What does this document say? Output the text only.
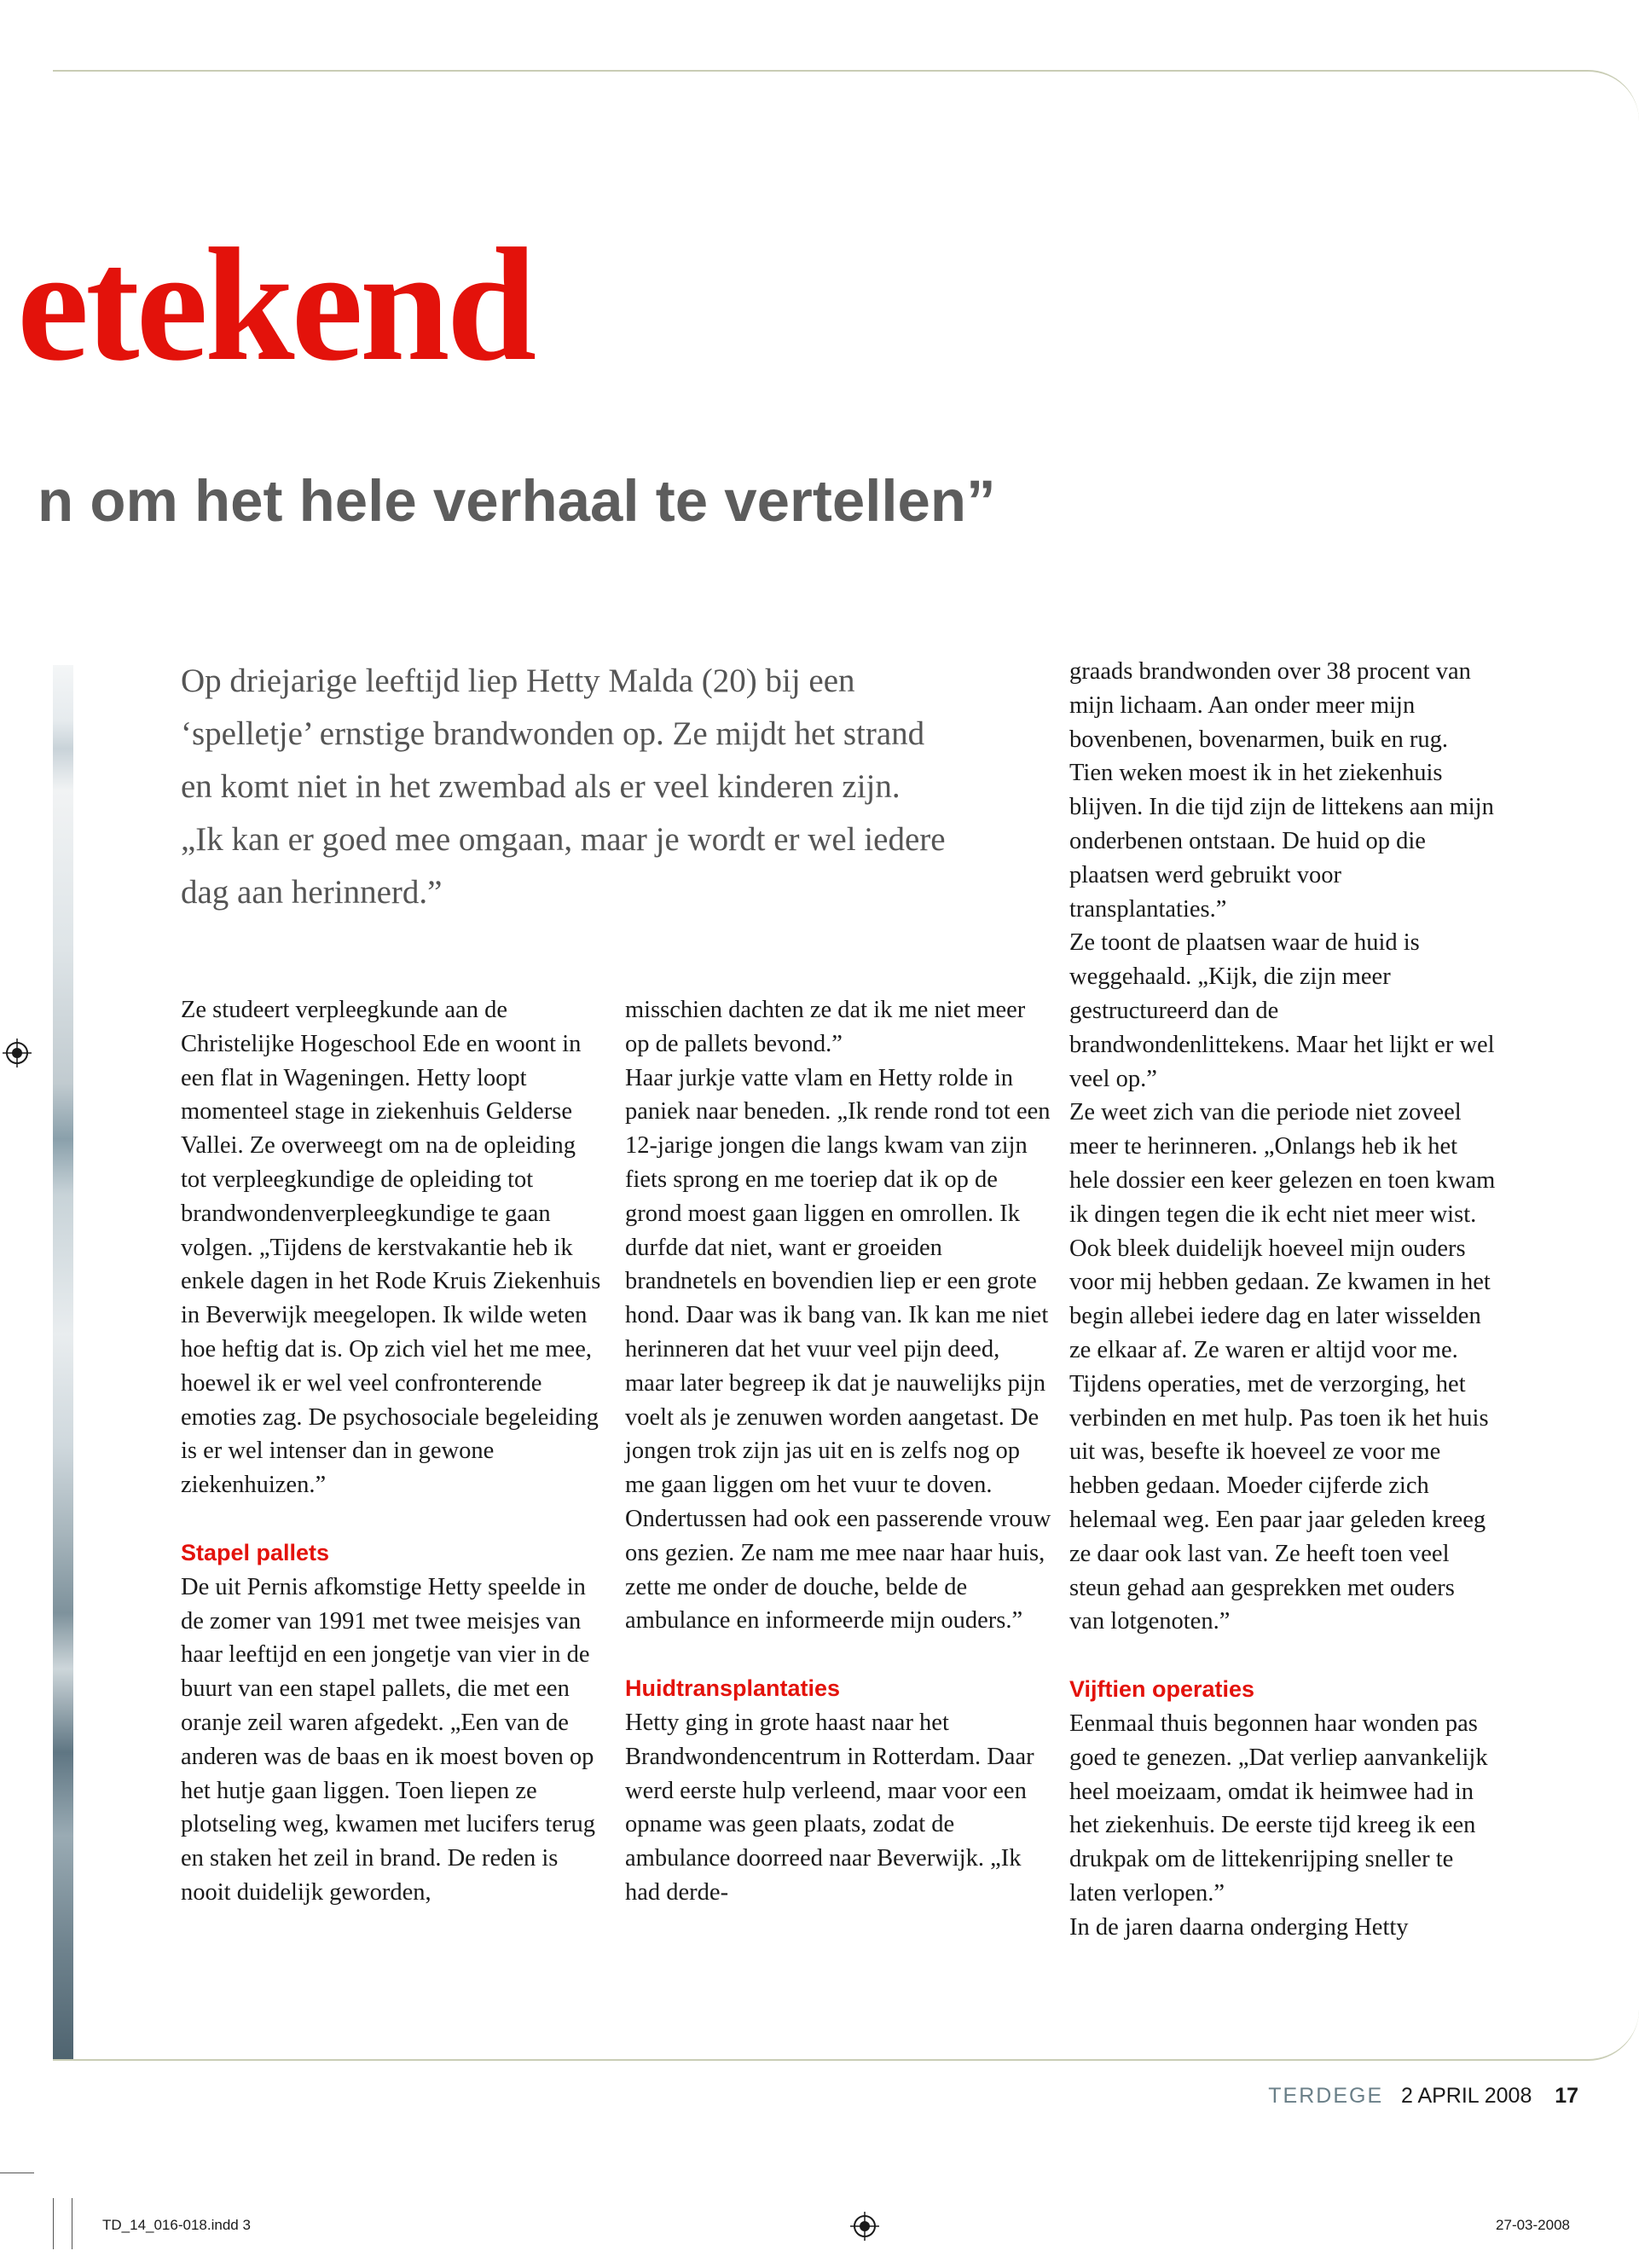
etekend
n om het hele verhaal te vertellen”

Op driejarige leeftijd liep Hetty Malda (20) bij een ‘spelletje’ ernstige brandwonden op. Ze mijdt het strand en komt niet in het zwembad als er veel kinderen zijn. „Ik kan er goed mee omgaan, maar je wordt er wel iedere dag aan herinnerd.”

Ze studeert verpleegkunde aan de Christelijke Hogeschool Ede en woont in een flat in Wageningen. Hetty loopt momenteel stage in ziekenhuis Gelderse Vallei. Ze overweegt om na de opleiding tot verpleegkundige de opleiding tot brandwondenverpleegkundige te gaan volgen. „Tijdens de kerstvakantie heb ik enkele dagen in het Rode Kruis Ziekenhuis in Beverwijk meegelopen. Ik wilde weten hoe heftig dat is. Op zich viel het me mee, hoewel ik er wel veel confronterende emoties zag. De psychosociale begeleiding is er wel intenser dan in gewone ziekenhuizen.”

Stapel pallets

De uit Pernis afkomstige Hetty speelde in de zomer van 1991 met twee meisjes van haar leeftijd en een jongetje van vier in de buurt van een stapel pallets, die met een oranje zeil waren afgedekt. „Een van de anderen was de baas en ik moest boven op het hutje gaan liggen. Toen liepen ze plotseling weg, kwamen met lucifers terug en staken het zeil in brand. De reden is nooit duidelijk geworden,

misschien dachten ze dat ik me niet meer op de pallets bevond.”

Haar jurkje vatte vlam en Hetty rolde in paniek naar beneden. „Ik rende rond tot een 12-jarige jongen die langs kwam van zijn fiets sprong en me toeriep dat ik op de grond moest gaan liggen en omrollen. Ik durfde dat niet, want er groeiden brandnetels en bovendien liep er een grote hond. Daar was ik bang van. Ik kan me niet herinneren dat het vuur veel pijn deed, maar later begreep ik dat je nauwelijks pijn voelt als je zenuwen worden aangetast. De jongen trok zijn jas uit en is zelfs nog op me gaan liggen om het vuur te doven. Ondertussen had ook een passerende vrouw ons gezien. Ze nam me mee naar haar huis, zette me onder de douche, belde de ambulance en informeerde mijn ouders.”

Huidtransplantaties

Hetty ging in grote haast naar het Brandwondencentrum in Rotterdam. Daar werd eerste hulp verleend, maar voor een opname was geen plaats, zodat de ambulance doorreed naar Beverwijk. „Ik had derde-

graads brandwonden over 38 procent van mijn lichaam. Aan onder meer mijn bovenbenen, bovenarmen, buik en rug. Tien weken moest ik in het ziekenhuis blijven. In die tijd zijn de littekens aan mijn onderbenen ontstaan. De huid op die plaatsen werd gebruikt voor transplantaties.”

Ze toont de plaatsen waar de huid is weggehaald. „Kijk, die zijn meer gestructureerd dan de brandwondenlittekens. Maar het lijkt er wel veel op.”

Ze weet zich van die periode niet zoveel meer te herinneren. „Onlangs heb ik het hele dossier een keer gelezen en toen kwam ik dingen tegen die ik echt niet meer wist. Ook bleek duidelijk hoeveel mijn ouders voor mij hebben gedaan. Ze kwamen in het begin allebei iedere dag en later wisselden ze elkaar af. Ze waren er altijd voor me. Tijdens operaties, met de verzorging, het verbinden en met hulp. Pas toen ik het huis uit was, besefte ik hoeveel ze voor me hebben gedaan. Moeder cijferde zich helemaal weg. Een paar jaar geleden kreeg ze daar ook last van. Ze heeft toen veel steun gehad aan gesprekken met ouders van lotgenoten.”

Vijftien operaties

Eenmaal thuis begonnen haar wonden pas goed te genezen. „Dat verliep aanvankelijk heel moeizaam, omdat ik heimwee had in het ziekenhuis. De eerste tijd kreeg ik een drukpak om de littekenrijping sneller te laten verlopen.”

In de jaren daarna onderging Hetty

TERDEGE 2 APRIL 2008 17
TD_14_016-018.indd 3	27-03-2008
